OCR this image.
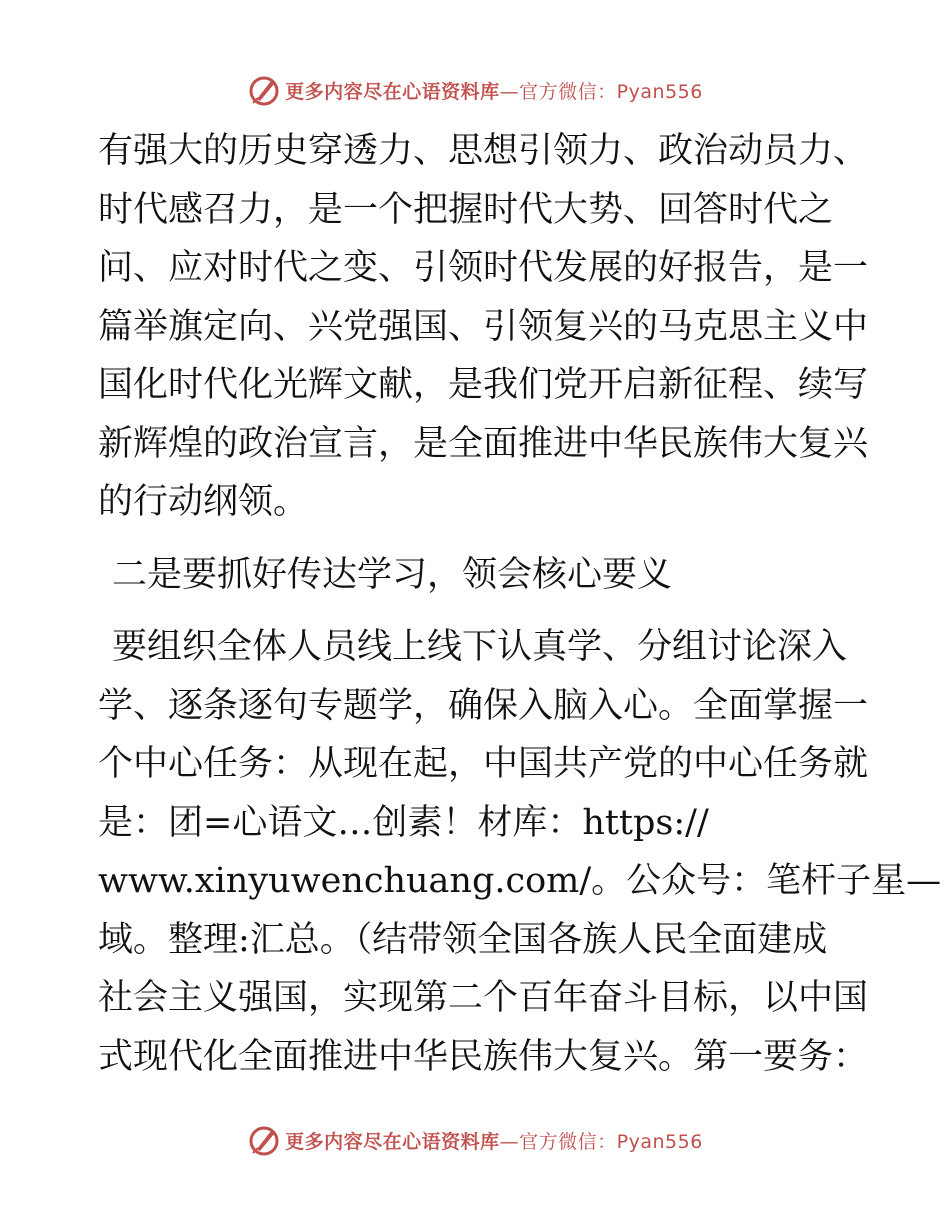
更多内容尽在心语资料库—官方微信：Pyan556
有强大的历史穿透力、思想引领力、政治动员力、
时代感召力，是一个把握时代大势、回答时代之
问、应对时代之变、引领时代发展的好报告，是一
篇举旗定向、兴党强国、引领复兴的马克思主义中
国化时代化光辉文献，是我们党开启新征程、续写
新辉煌的政治宣言，是全面推进中华民族伟大复兴
的行动纲领。
二是要抓好传达学习，领会核心要义
要组织全体人员线上线下认真学、分组讨论深入
学、逐条逐句专题学，确保入脑入心。全面掌握一
个中心任务：从现在起，中国共产党的中心任务就
是：团=心语文…创素！材库：https://
www.xinyuwenchuang.com/。公众号：笔杆子星—
域。整理:汇总。（结带领全国各族人民全面建成
社会主义强国，实现第二个百年奋斗目标，以中国
式现代化全面推进中华民族伟大复兴。第一要务：
更多内容尽在心语资料库—官方微信：Pyan556
